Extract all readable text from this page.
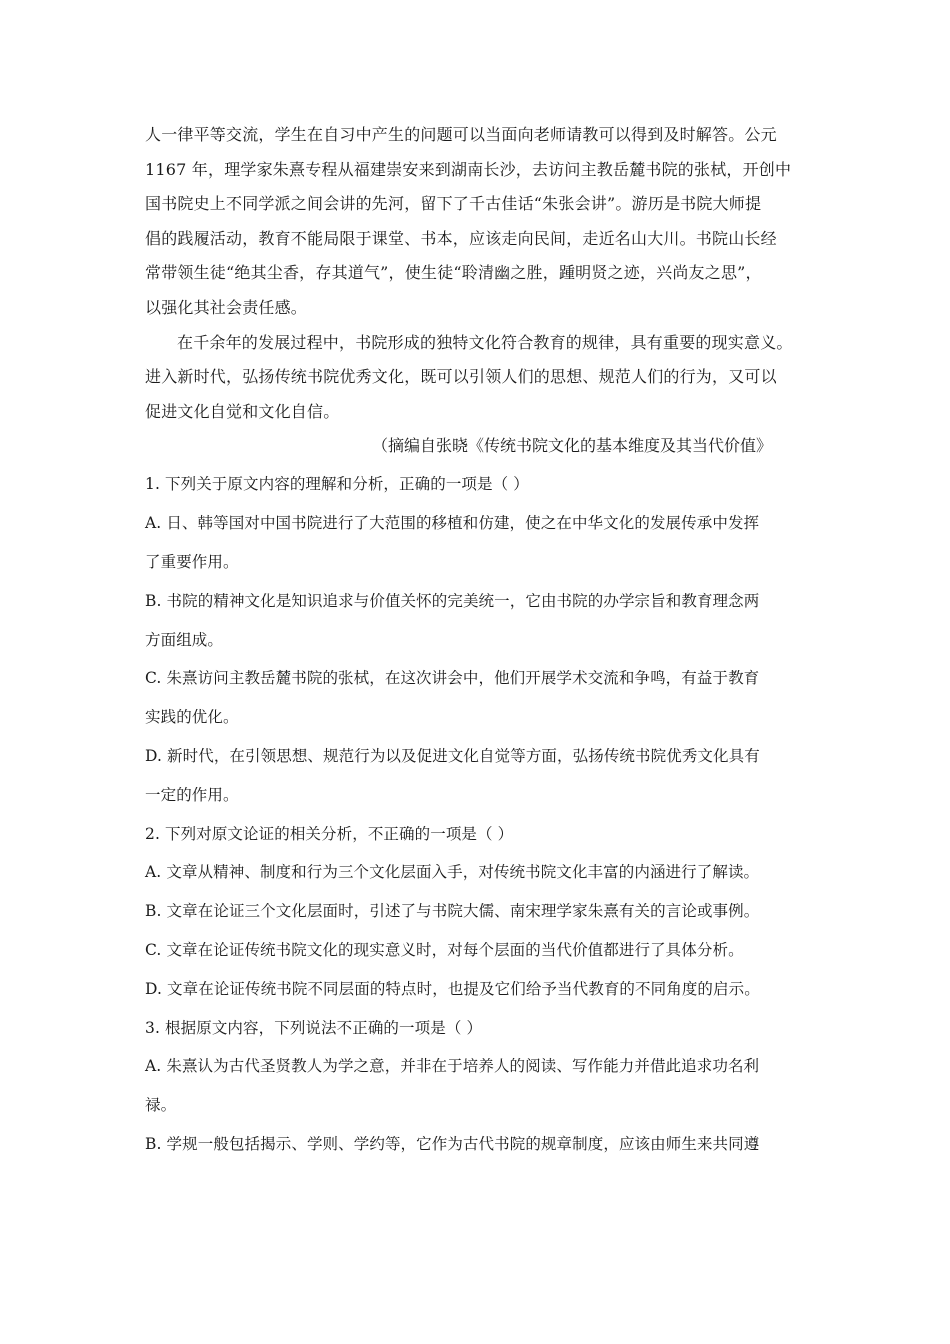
人一律平等交流，学生在自习中产生的问题可以当面向老师请教可以得到及时解答。公元
1167 年，理学家朱熹专程从福建崇安来到湖南长沙，去访问主教岳麓书院的张栻，开创中
国书院史上不同学派之间会讲的先河，留下了千古佳话“朱张会讲”。游历是书院大师提
倡的践履活动，教育不能局限于课堂、书本，应该走向民间，走近名山大川。书院山长经
常带领生徒“绝其尘香，存其道气”，使生徒“聆清幽之胜，踵明贤之迹，兴尚友之思”，
以强化其社会责任感。
在千余年的发展过程中，书院形成的独特文化符合教育的规律，具有重要的现实意义。
进入新时代，弘扬传统书院优秀文化，既可以引领人们的思想、规范人们的行为，又可以
促进文化自觉和文化自信。
（摘编自张晓《传统书院文化的基本维度及其当代价值》
1. 下列关于原文内容的理解和分析，正确的一项是（ ）
A. 日、韩等国对中国书院进行了大范围的移植和仿建，使之在中华文化的发展传承中发挥
了重要作用。
B. 书院的精神文化是知识追求与价值关怀的完美统一，它由书院的办学宗旨和教育理念两
方面组成。
C. 朱熹访问主教岳麓书院的张栻，在这次讲会中，他们开展学术交流和争鸣，有益于教育
实践的优化。
D. 新时代，在引领思想、规范行为以及促进文化自觉等方面，弘扬传统书院优秀文化具有
一定的作用。
2. 下列对原文论证的相关分析，不正确的一项是（ ）
A. 文章从精神、制度和行为三个文化层面入手，对传统书院文化丰富的内涵进行了解读。
B. 文章在论证三个文化层面时，引述了与书院大儒、南宋理学家朱熹有关的言论或事例。
C. 文章在论证传统书院文化的现实意义时，对每个层面的当代价值都进行了具体分析。
D. 文章在论证传统书院不同层面的特点时，也提及它们给予当代教育的不同角度的启示。
3. 根据原文内容，下列说法不正确的一项是（ ）
A. 朱熹认为古代圣贤教人为学之意，并非在于培养人的阅读、写作能力并借此追求功名利
禄。
B. 学规一般包括揭示、学则、学约等，它作为古代书院的规章制度，应该由师生来共同遵
